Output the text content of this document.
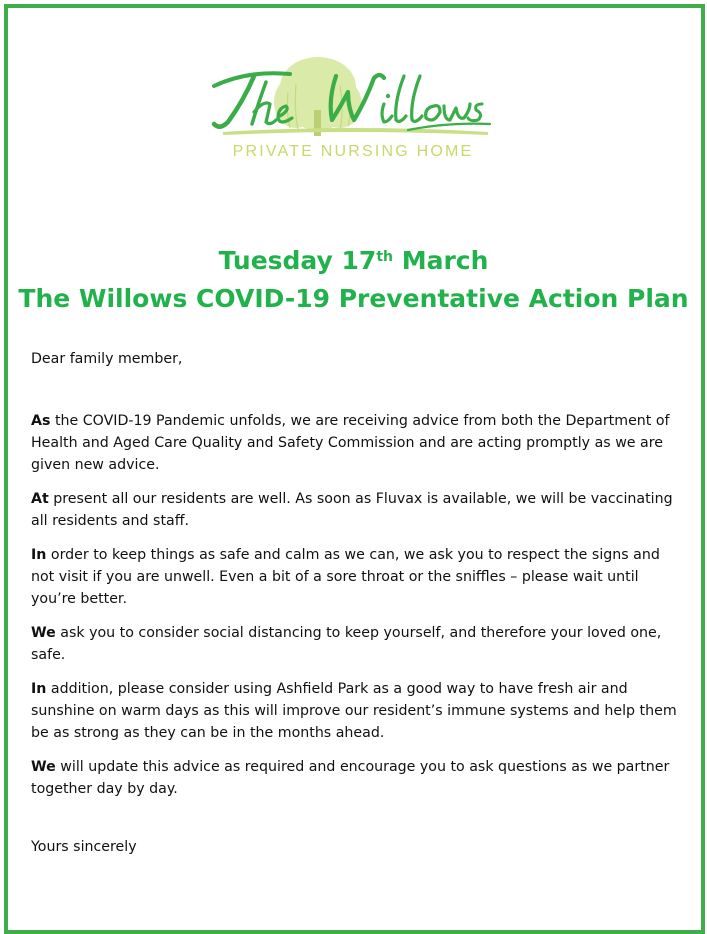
PRIVATE NURSING HOME
Tuesday 17th March
The Willows COVID-19 Preventative Action Plan

Dear family member,

As the COVID-19 Pandemic unfolds, we are receiving advice from both the Department of Health and Aged Care Quality and Safety Commission and are acting promptly as we are given new advice.

At present all our residents are well. As soon as Fluvax is available, we will be vaccinating all residents and staff.

In order to keep things as safe and calm as we can, we ask you to respect the signs and not visit if you are unwell. Even a bit of a sore throat or the sniffles – please wait until you’re better.

We ask you to consider social distancing to keep yourself, and therefore your loved one, safe.

In addition, please consider using Ashfield Park as a good way to have fresh air and sunshine on warm days as this will improve our resident’s immune systems and help them be as strong as they can be in the months ahead.

We will update this advice as required and encourage you to ask questions as we partner together day by day.

Yours sincerely
